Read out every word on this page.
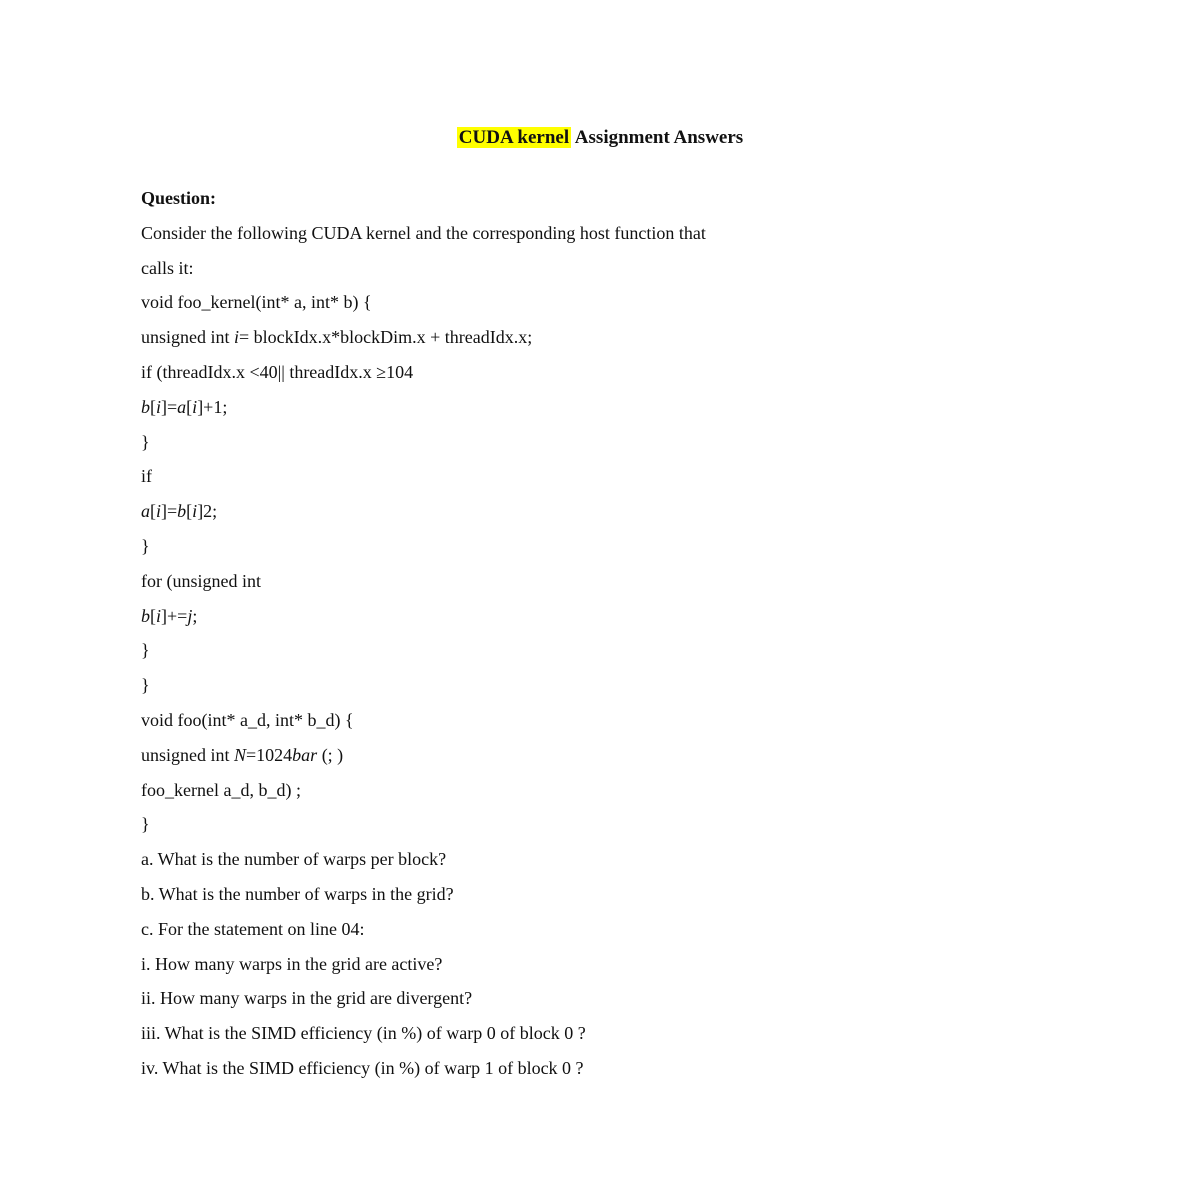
CUDA kernel Assignment Answers
Question:
Consider the following CUDA kernel and the corresponding host function that
calls it:
void foo_kernel(int* a, int* b) {
unsigned int i= blockIdx.x*blockDim.x + threadIdx.x;
if (threadIdx.x <40|| threadIdx.x ≥104
b[i]=a[i]+1;
}
if
a[i]=b[i]2;
}
for (unsigned int
b[i]+=j;
}
}
void foo(int* a_d, int* b_d) {
unsigned int N=1024bar (; )
foo_kernel a_d, b_d) ;
}
a. What is the number of warps per block?
b. What is the number of warps in the grid?
c. For the statement on line 04:
i. How many warps in the grid are active?
ii. How many warps in the grid are divergent?
iii. What is the SIMD efficiency (in %) of warp 0 of block 0 ?
iv. What is the SIMD efficiency (in %) of warp 1 of block 0 ?
